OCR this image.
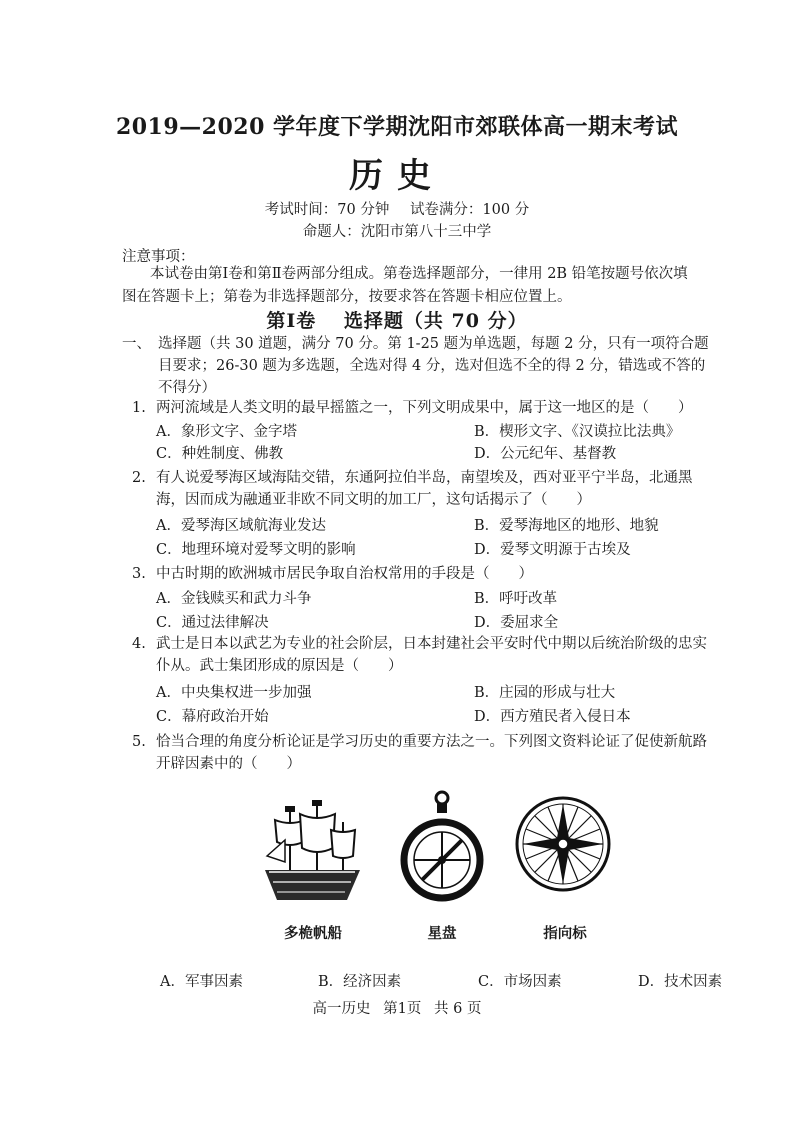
2019—2020 学年度下学期沈阳市郊联体高一期末考试
历史
考试时间：70 分钟 试卷满分：100 分
命题人：沈阳市第八十三中学
注意事项：
本试卷由第Ⅰ卷和第Ⅱ卷两部分组成。第卷选择题部分，一律用 2B 铅笔按题号依次填图在答题卡上；第卷为非选择题部分，按要求答在答题卡相应位置上。
第Ⅰ卷 选择题（共 70 分）
一、 选择题（共 30 道题，满分 70 分。第 1-25 题为单选题，每题 2 分，只有一项符合题目要求；26-30 题为多选题，全选对得 4 分，选对但选不全的得 2 分，错选或不答的不得分）
1. 两河流域是人类文明的最早摇篮之一，下列文明成果中，属于这一地区的是（　　）
A．象形文字、金字塔	B．楔形文字、《汉谟拉比法典》
C．种姓制度、佛教	D．公元纪年、基督教
2. 有人说爱琴海区域海陆交错，东通阿拉伯半岛，南望埃及，西对亚平宁半岛，北通黑海，因而成为融通亚非欧不同文明的加工厂，这句话揭示了（　　）
A．爱琴海区域航海业发达	B．爱琴海地区的地形、地貌
C．地理环境对爱琴文明的影响	D．爱琴文明源于古埃及
3. 中古时期的欧洲城市居民争取自治权常用的手段是（　　）
A．金钱赎买和武力斗争	B．呼吁改革
C．通过法律解决	D．委屈求全
4. 武士是日本以武艺为专业的社会阶层，日本封建社会平安时代中期以后统治阶级的忠实仆从。武士集团形成的原因是（　　）
A．中央集权进一步加强	B．庄园的形成与壮大
C．幕府政治开始	D．西方殖民者入侵日本
5. 恰当合理的角度分析论证是学习历史的重要方法之一。下列图文资料论证了促使新航路开辟因素中的（　　）
多桅帆船	星盘	指向标
A．军事因素	B．经济因素	C．市场因素	D．技术因素
高一历史 第1页 共 6 页
